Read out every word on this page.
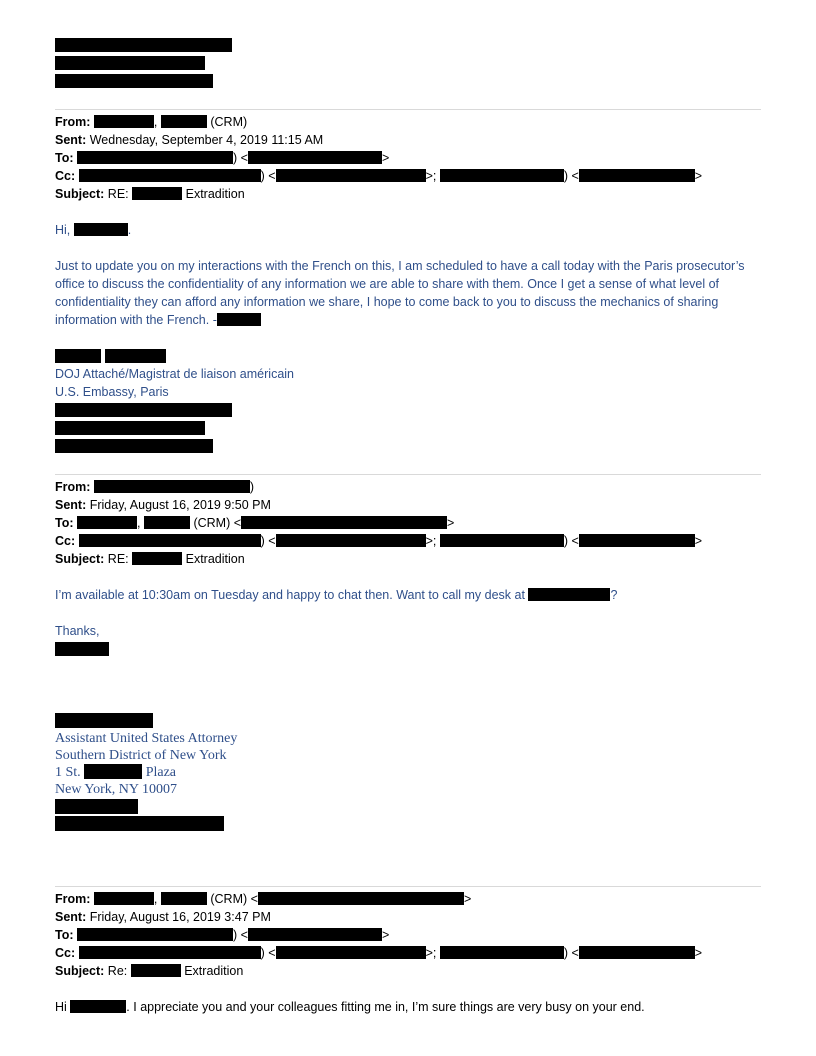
From:	,	(CRM)
Sent: Wednesday, September 4, 2019 11:15 AM
To:	) <	>
Cc:	) <	>;	) <	>
Subject: RE:	Extradition
Hi,	.
Just to update you on my interactions with the French on this, I am scheduled to have a call today with the Paris prosecutor’s office to discuss the confidentiality of any information we are able to share with them. Once I get a sense of what level of confidentiality they can afford any information we share, I hope to come back to you to discuss the mechanics of sharing information with the French. -
DOJ Attaché/Magistrat de liaison américain
U.S. Embassy, Paris
From:	)
Sent: Friday, August 16, 2019 9:50 PM
To:	,	(CRM) <	>
Cc:	) <	>;	) <	>
Subject: RE:	Extradition
I’m available at 10:30am on Tuesday and happy to chat then. Want to call my desk at	?
Thanks,
Assistant United States Attorney
Southern District of New York
1 St.	Plaza
New York, NY 10007
From:	,	(CRM) <	>
Sent: Friday, August 16, 2019 3:47 PM
To:	) <	>
Cc:	) <	>;	) <	>
Subject: Re:	Extradition
Hi	. I appreciate you and your colleagues fitting me in, I’m sure things are very busy on your end.
